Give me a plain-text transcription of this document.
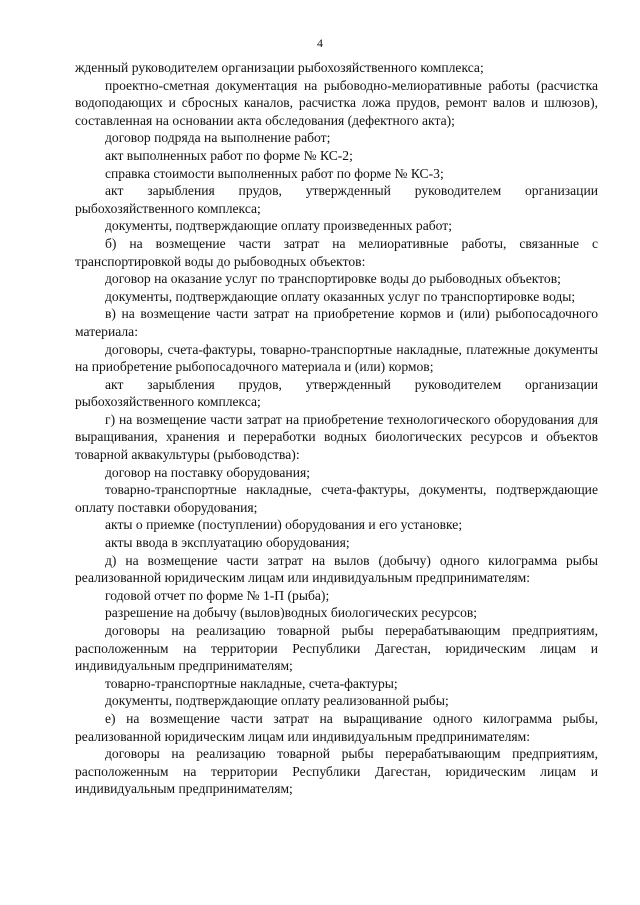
4

жденный руководителем организации рыбохозяйственного комплекса;

проектно-сметная документация на рыбоводно-мелиоративные работы (расчистка водоподающих и сбросных каналов, расчистка ложа прудов, ремонт валов и шлюзов), составленная на основании акта обследования (дефектного акта);

договор подряда на выполнение работ;

акт выполненных работ по форме № КС-2;

справка стоимости выполненных работ по форме № КС-3;

акт зарыбления прудов, утвержденный руководителем организации рыбохозяйственного комплекса;

документы, подтверждающие оплату произведенных работ;

б) на возмещение части затрат на мелиоративные работы, связанные с транспортировкой воды до рыбоводных объектов:

договор на оказание услуг по транспортировке воды до рыбоводных объектов;

документы, подтверждающие оплату оказанных услуг по транспортировке воды;

в) на возмещение части затрат на приобретение кормов и (или) рыбопосадочного материала:

договоры, счета-фактуры, товарно-транспортные накладные, платежные документы на приобретение рыбопосадочного материала и (или) кормов;

акт зарыбления прудов, утвержденный руководителем организации рыбохозяйственного комплекса;

г) на возмещение части затрат на приобретение технологического оборудования для выращивания, хранения и переработки водных биологических ресурсов и объектов товарной аквакультуры (рыбоводства):

договор на поставку оборудования;

товарно-транспортные накладные, счета-фактуры, документы, подтверждающие оплату поставки оборудования;

акты о приемке (поступлении) оборудования и его установке;

акты ввода в эксплуатацию оборудования;

д) на возмещение части затрат на вылов (добычу) одного килограмма рыбы реализованной юридическим лицам или индивидуальным предпринимателям:

годовой отчет по форме № 1-П (рыба);

разрешение на добычу (вылов)водных биологических ресурсов;

договоры на реализацию товарной рыбы перерабатывающим предприятиям, расположенным на территории Республики Дагестан, юридическим лицам и индивидуальным предпринимателям;

товарно-транспортные накладные, счета-фактуры;

документы, подтверждающие оплату реализованной рыбы;

е) на возмещение части затрат на выращивание одного килограмма рыбы, реализованной юридическим лицам или индивидуальным предпринимателям:

договоры на реализацию товарной рыбы перерабатывающим предприятиям, расположенным на территории Республики Дагестан, юридическим лицам и индивидуальным предпринимателям;
